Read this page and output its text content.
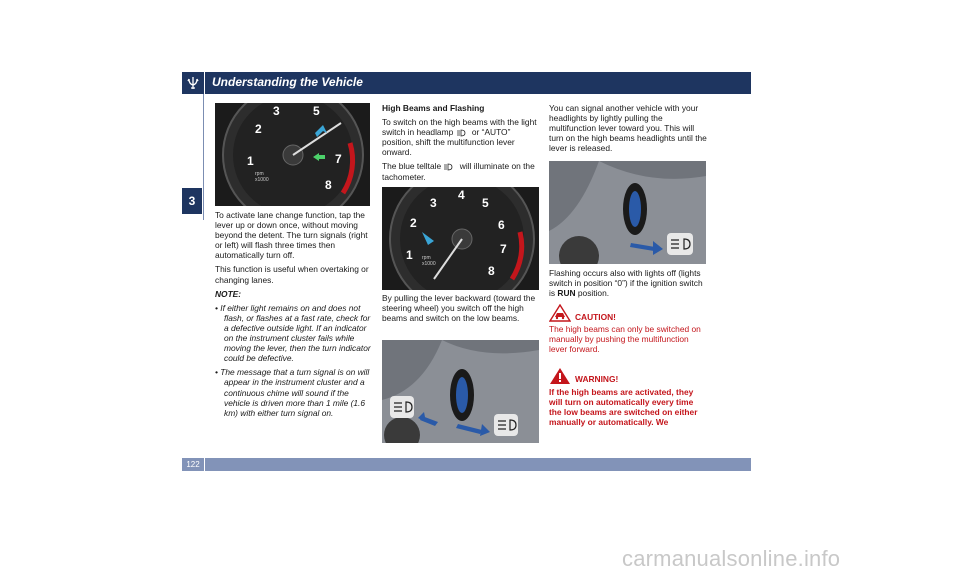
Understanding the Vehicle
3
1
2
3	5
7
8
rpm
x1000

To activate lane change function, tap the lever up or down once, without moving beyond the detent. The turn signals (right or left) will flash three times then automatically turn off.

This function is useful when overtaking or changing lanes.

NOTE:

• If either light remains on and does not flash, or flashes at a fast rate, check for a defective outside light. If an indicator on the instrument cluster fails while moving the lever, then the turn indicator could be defective.

• The message that a turn signal is on will appear in the instrument cluster and a continuous chime will sound if the vehicle is driven more than 1 mile (1.6 km) with either turn signal on.

High Beams and Flashing

To switch on the high beams with the light switch in headlamp or “AUTO” position, shift the multifunction lever onward.

The blue telltale will illuminate on the tachometer.

1
2
3
4
5
6
7
8
rpm
x1000

By pulling the lever backward (toward the steering wheel) you switch off the high beams and switch on the low beams.

You can signal another vehicle with your headlights by lightly pulling the multifunction lever toward you. This will turn on the high beams headlights until the lever is released.

Flashing occurs also with lights off (lights switch in position “0”) if the ignition switch is RUN position.

CAUTION!

The high beams can only be switched on manually by pushing the multifunction lever forward.

WARNING!

If the high beams are activated, they will turn on automatically every time the low beams are switched on either manually or automatically. We

122
carmanualsonline.info
